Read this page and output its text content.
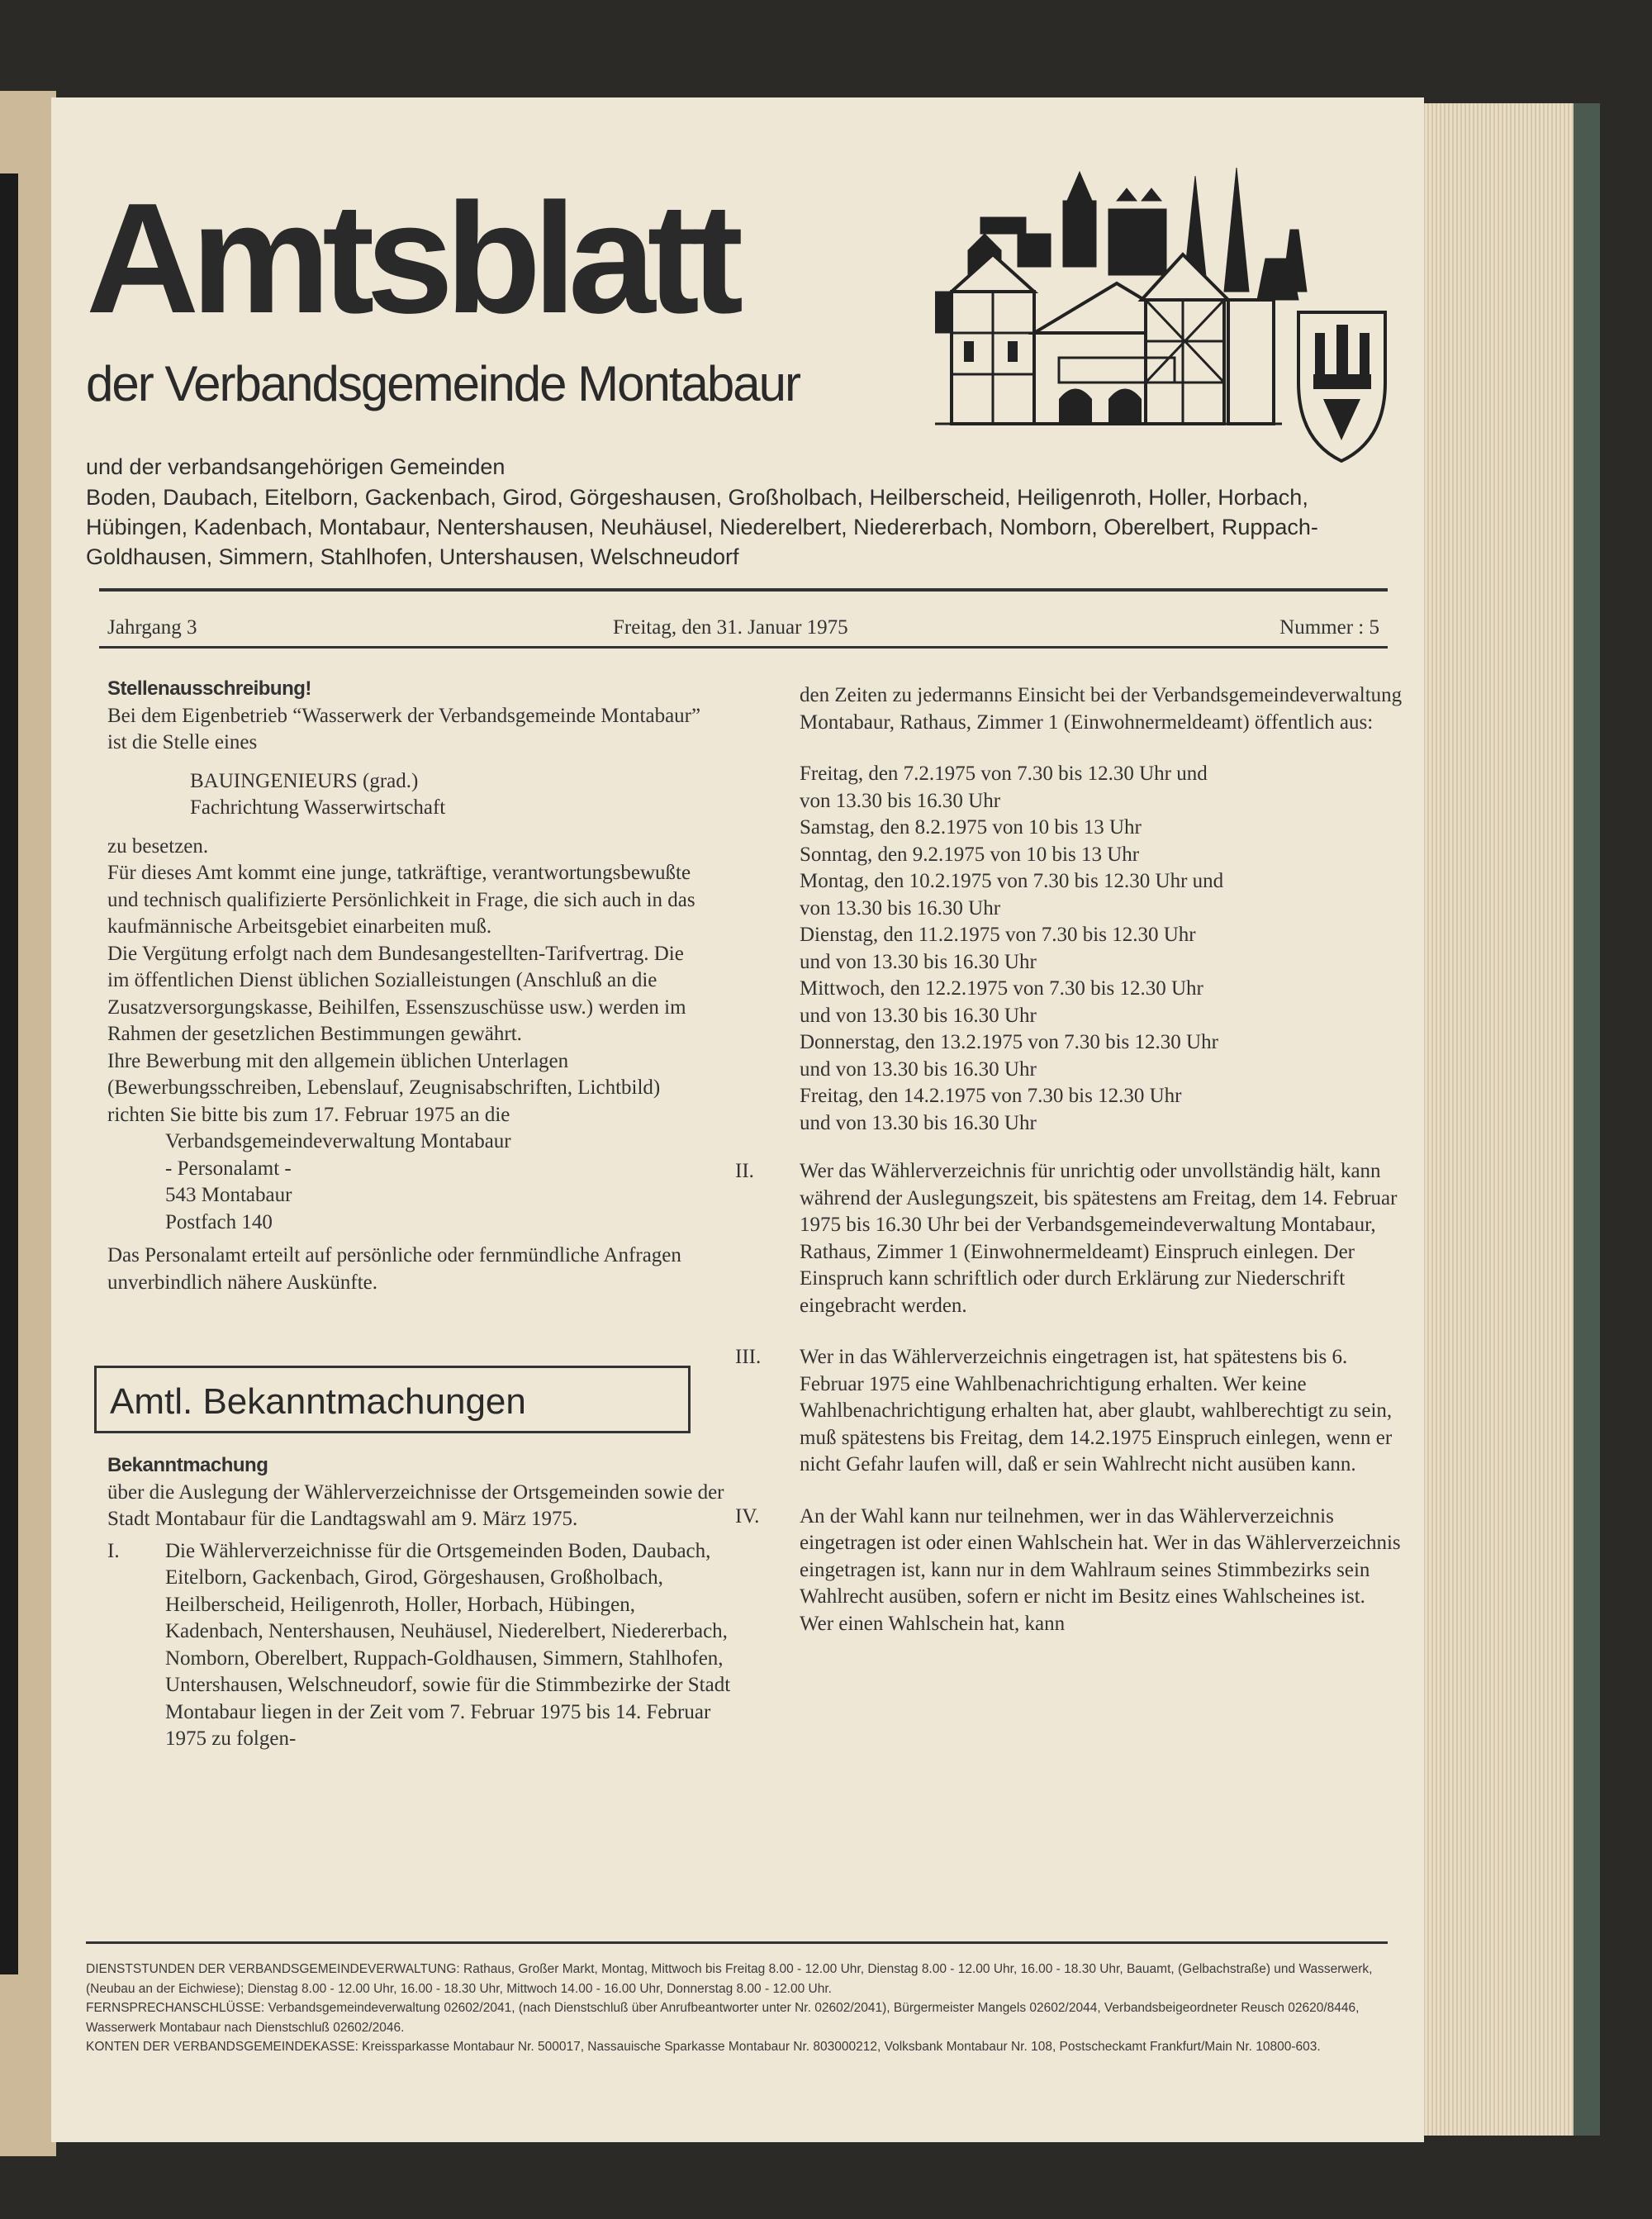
Amtsblatt
der Verbandsgemeinde Montabaur
und der verbandsangehörigen Gemeinden
Boden, Daubach, Eitelborn, Gackenbach, Girod, Görgeshausen, Großholbach, Heilberscheid, Heiligenroth, Holler, Horbach, Hübingen, Kadenbach, Montabaur, Nentershausen, Neuhäusel, Niederelbert, Niedererbach, Nomborn, Oberelbert, Ruppach-Goldhausen, Simmern, Stahlhofen, Untershausen, Welschneudorf
Jahrgang 3	Freitag, den 31. Januar 1975	Nummer : 5

Stellenausschreibung!

Bei dem Eigenbetrieb “Wasserwerk der Verbandsgemeinde Montabaur” ist die Stelle eines

BAUINGENIEURS (grad.)

Fachrichtung Wasserwirtschaft

zu besetzen.

Für dieses Amt kommt eine junge, tatkräftige, verantwortungsbewußte und technisch qualifizierte Persönlichkeit in Frage, die sich auch in das kaufmännische Arbeitsgebiet einarbeiten muß.

Die Vergütung erfolgt nach dem Bundesangestellten-Tarifvertrag. Die im öffentlichen Dienst üblichen Sozialleistungen (Anschluß an die Zusatzversorgungskasse, Beihilfen, Essenszuschüsse usw.) werden im Rahmen der gesetzlichen Bestimmungen gewährt.

Ihre Bewerbung mit den allgemein üblichen Unterlagen (Bewerbungsschreiben, Lebenslauf, Zeugnisabschriften, Lichtbild) richten Sie bitte bis zum 17. Februar 1975 an die

Verbandsgemeindeverwaltung Montabaur

- Personalamt -

543 Montabaur

Postfach 140

Das Personalamt erteilt auf persönliche oder fernmündliche Anfragen unverbindlich nähere Auskünfte.

Amtl. Bekanntmachungen

Bekanntmachung

über die Auslegung der Wählerverzeichnisse der Ortsgemeinden sowie der Stadt Montabaur für die Landtagswahl am 9. März 1975.

I.	Die Wählerverzeichnisse für die Ortsgemeinden Boden, Daubach, Eitelborn, Gackenbach, Girod, Görgeshausen, Großholbach, Heilberscheid, Heiligenroth, Holler, Horbach, Hübingen, Kadenbach, Nentershausen, Neuhäusel, Niederelbert, Niedererbach, Nomborn, Oberelbert, Ruppach-Goldhausen, Simmern, Stahlhofen, Untershausen, Welschneudorf, sowie für die Stimmbezirke der Stadt Montabaur liegen in der Zeit vom 7. Februar 1975 bis 14. Februar 1975 zu folgen-

den Zeiten zu jedermanns Einsicht bei der Verbandsgemeindeverwaltung Montabaur, Rathaus, Zimmer 1 (Einwohnermeldeamt) öffentlich aus:

Freitag, den 7.2.1975 von 7.30 bis 12.30 Uhr und

von 13.30 bis 16.30 Uhr

Samstag, den 8.2.1975 von 10 bis 13 Uhr

Sonntag, den 9.2.1975 von 10 bis 13 Uhr

Montag, den 10.2.1975 von 7.30 bis 12.30 Uhr und

von 13.30 bis 16.30 Uhr

Dienstag, den 11.2.1975 von 7.30 bis 12.30 Uhr

und von 13.30 bis 16.30 Uhr

Mittwoch, den 12.2.1975 von 7.30 bis 12.30 Uhr

und von 13.30 bis 16.30 Uhr

Donnerstag, den 13.2.1975 von 7.30 bis 12.30 Uhr

und von 13.30 bis 16.30 Uhr

Freitag, den 14.2.1975 von 7.30 bis 12.30 Uhr

und von 13.30 bis 16.30 Uhr

II.	Wer das Wählerverzeichnis für unrichtig oder unvollständig hält, kann während der Auslegungszeit, bis spätestens am Freitag, dem 14. Februar 1975 bis 16.30 Uhr bei der Verbandsgemeindeverwaltung Montabaur, Rathaus, Zimmer 1 (Einwohnermeldeamt) Einspruch einlegen. Der Einspruch kann schriftlich oder durch Erklärung zur Niederschrift eingebracht werden.
III.	Wer in das Wählerverzeichnis eingetragen ist, hat spätestens bis 6. Februar 1975 eine Wahlbenachrichtigung erhalten. Wer keine Wahlbenachrichtigung erhalten hat, aber glaubt, wahlberechtigt zu sein, muß spätestens bis Freitag, dem 14.2.1975 Einspruch einlegen, wenn er nicht Gefahr laufen will, daß er sein Wahlrecht nicht ausüben kann.
IV.	An der Wahl kann nur teilnehmen, wer in das Wählerverzeichnis eingetragen ist oder einen Wahlschein hat. Wer in das Wählerverzeichnis eingetragen ist, kann nur in dem Wahlraum seines Stimmbezirks sein Wahlrecht ausüben, sofern er nicht im Besitz eines Wahlscheines ist.
Wer einen Wahlschein hat, kann

DIENSTSTUNDEN DER VERBANDSGEMEINDEVERWALTUNG: Rathaus, Großer Markt, Montag, Mittwoch bis Freitag 8.00 - 12.00 Uhr, Dienstag 8.00 - 12.00 Uhr, 16.00 - 18.30 Uhr, Bauamt, (Gelbachstraße) und Wasserwerk, (Neubau an der Eichwiese); Dienstag 8.00 - 12.00 Uhr, 16.00 - 18.30 Uhr, Mittwoch 14.00 - 16.00 Uhr, Donnerstag 8.00 - 12.00 Uhr.

FERNSPRECHANSCHLÜSSE: Verbandsgemeindeverwaltung 02602/2041, (nach Dienstschluß über Anrufbeantworter unter Nr. 02602/2041), Bürgermeister Mangels 02602/2044, Verbandsbeigeordneter Reusch 02620/8446, Wasserwerk Montabaur nach Dienstschluß 02602/2046.

KONTEN DER VERBANDSGEMEINDEKASSE: Kreissparkasse Montabaur Nr. 500017, Nassauische Sparkasse Montabaur Nr. 803000212, Volksbank Montabaur Nr. 108, Postscheckamt Frankfurt/Main Nr. 10800-603.
